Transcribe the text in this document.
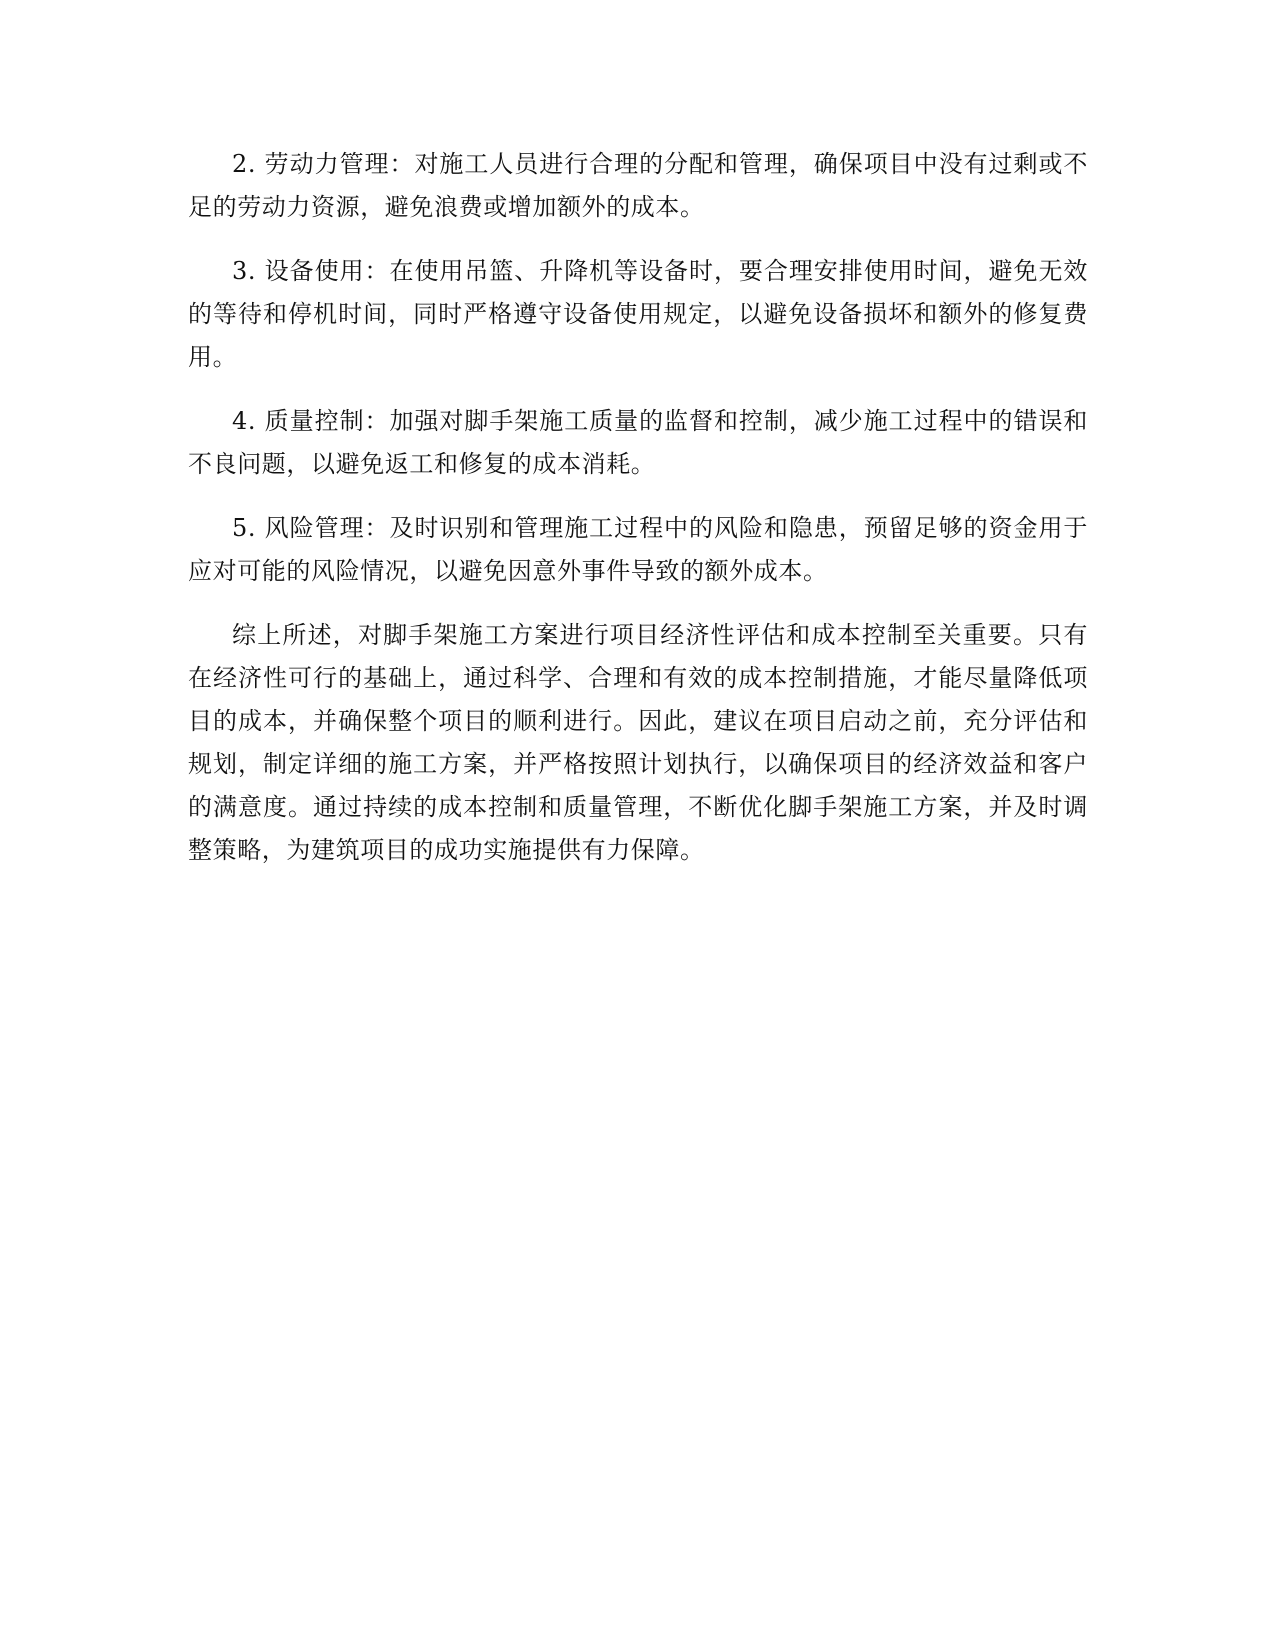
2. 劳动力管理：对施工人员进行合理的分配和管理，确保项目中没有过剩或不足的劳动力资源，避免浪费或增加额外的成本。

3. 设备使用：在使用吊篮、升降机等设备时，要合理安排使用时间，避免无效的等待和停机时间，同时严格遵守设备使用规定，以避免设备损坏和额外的修复费用。

4. 质量控制：加强对脚手架施工质量的监督和控制，减少施工过程中的错误和不良问题，以避免返工和修复的成本消耗。

5. 风险管理：及时识别和管理施工过程中的风险和隐患，预留足够的资金用于应对可能的风险情况，以避免因意外事件导致的额外成本。

综上所述，对脚手架施工方案进行项目经济性评估和成本控制至关重要。只有在经济性可行的基础上，通过科学、合理和有效的成本控制措施，才能尽量降低项目的成本，并确保整个项目的顺利进行。因此，建议在项目启动之前，充分评估和规划，制定详细的施工方案，并严格按照计划执行，以确保项目的经济效益和客户的满意度。通过持续的成本控制和质量管理，不断优化脚手架施工方案，并及时调整策略，为建筑项目的成功实施提供有力保障。
